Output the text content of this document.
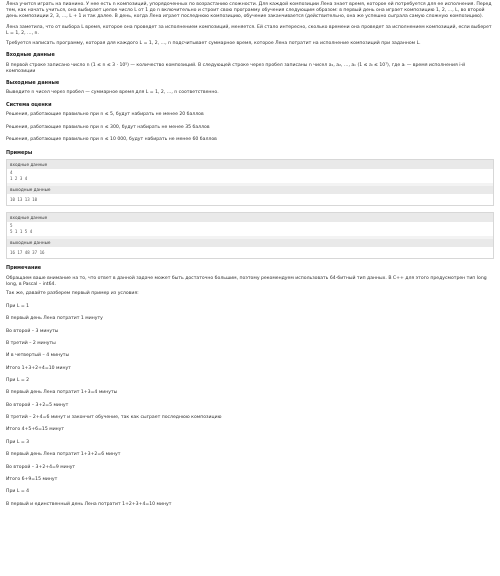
Лена учится играть на пианино. У нее есть n композиций, упорядоченных по возрастанию сложности. Для каждой композиции Лена знает время, которое ей потребуется для ее исполнения. Перед тем, как начать учиться, она выбирает целое число L от 1 до n включительно и строит свою программу обучения следующим образом: в первый день она играет композицию 1, 2, …, L, во второй день композиции 2, 3, …, L + 1 и так далее. В день, когда Лена играет последнюю композицию, обучение заканчивается (действительно, она же успешно сыграла самую сложную композицию).

Лена заметила, что от выбора L время, которое она проведет за исполнением композиций, меняется. Ей стало интересно, сколько времени она проведет за исполнением композиций, если выберет L = 1, 2, …, n.

Требуется написать программу, которая для каждого L = 1, 2, …, n подсчитывает суммарное время, которое Лена потратит на исполнение композиций при заданном L.

Входные данные

В первой строке записано число n (1 ≤ n ≤ 3 · 10⁵) — количество композиций. В следующей строке через пробел записаны n чисел a₁, a₂, …, aₙ (1 ≤ aᵢ ≤ 10⁷), где aᵢ — время исполнения i-й композиции

Выходные данные

Выведите n чисел через пробел — суммарное время для L = 1, 2, …, n соответственно.

Система оценки

Решения, работающие правильно при n ≤ 5, будут набирать не менее 20 баллов

Решения, работающие правильно при n ≤ 300, будут набирать не менее 35 баллов

Решения, работающие правильно при n ≤ 10 000, будут набирать не менее 60 баллов

Примеры
входные данные
4
1 2 3 4
выходные данные
10 13 13 10
входные данные
5
5 1 1 5 4
выходные данные
16 17 48 37 16
Примечание

Обращаем ваше внимание на то, что ответ в данной задаче может быть достаточно большим, поэтому рекомендуем использовать 64-битный тип данных. В C++ для этого предусмотрен тип long long, в Pascal – int64.

Так же, давайте разберем первый пример из условия:

При L = 1

В первый день Лена потратит 1 минуту

Во второй – 3 минуты

В третий – 2 минуты

И в четвертый – 4 минуты

Итого 1+3+2+4=10 минут

При L = 2

В первый день Лена потратит 1+3=4 минуты

Во второй – 3+2=5 минут

В третий – 2+4=6 минут и закончит обучение, так как сыграет последнюю композицию

Итого 4+5+6=15 минут

При L = 3

В первый день Лена потратит 1+3+2=6 минут

Во второй – 3+2+4=9 минут

Итого 6+9=15 минут

При L = 4

В первый и единственный день Лена потратит 1+2+3+4=10 минут
